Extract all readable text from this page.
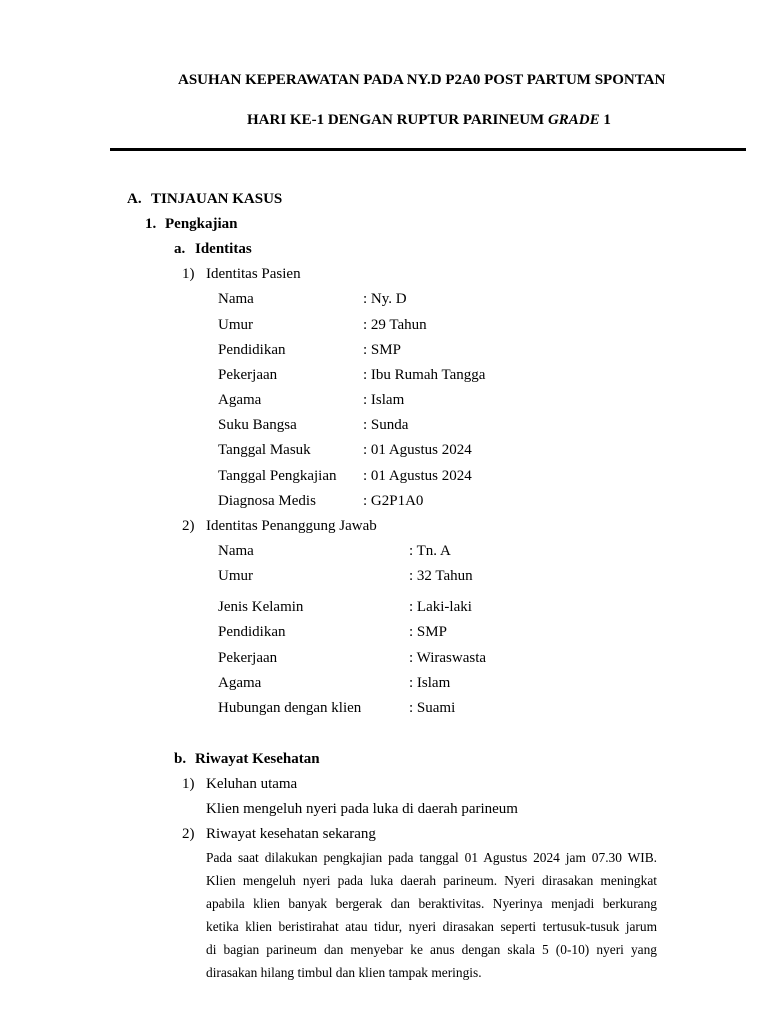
ASUHAN KEPERAWATAN PADA NY.D P2A0 POST PARTUM SPONTAN
HARI KE-1 DENGAN RUPTUR PARINEUM GRADE 1
A. TINJAUAN KASUS
1. Pengkajian
a. Identitas
1) Identitas Pasien
Nama	: Ny. D
Umur	: 29 Tahun
Pendidikan	: SMP
Pekerjaan	: Ibu Rumah Tangga
Agama	: Islam
Suku Bangsa	: Sunda
Tanggal Masuk	: 01 Agustus 2024
Tanggal Pengkajian : 01 Agustus 2024
Diagnosa Medis	: G2P1A0
2) Identitas Penanggung Jawab
Nama	: Tn. A
Umur	: 32 Tahun
Jenis Kelamin	: Laki-laki
Pendidikan	: SMP
Pekerjaan	: Wiraswasta
Agama	: Islam
Hubungan dengan klien	: Suami
b. Riwayat Kesehatan
1) Keluhan utama
Klien mengeluh nyeri pada luka di daerah parineum
2) Riwayat kesehatan sekarang
Pada saat dilakukan pengkajian pada tanggal 01 Agustus 2024 jam 07.30 WIB.
Klien mengeluh nyeri pada luka daerah parineum. Nyeri dirasakan meningkat
apabila klien banyak bergerak dan beraktivitas. Nyerinya menjadi berkurang
ketika klien beristirahat atau tidur, nyeri dirasakan seperti tertusuk-tusuk jarum
di bagian parineum dan menyebar ke anus dengan skala 5 (0-10) nyeri yang
dirasakan hilang timbul dan klien tampak meringis.
